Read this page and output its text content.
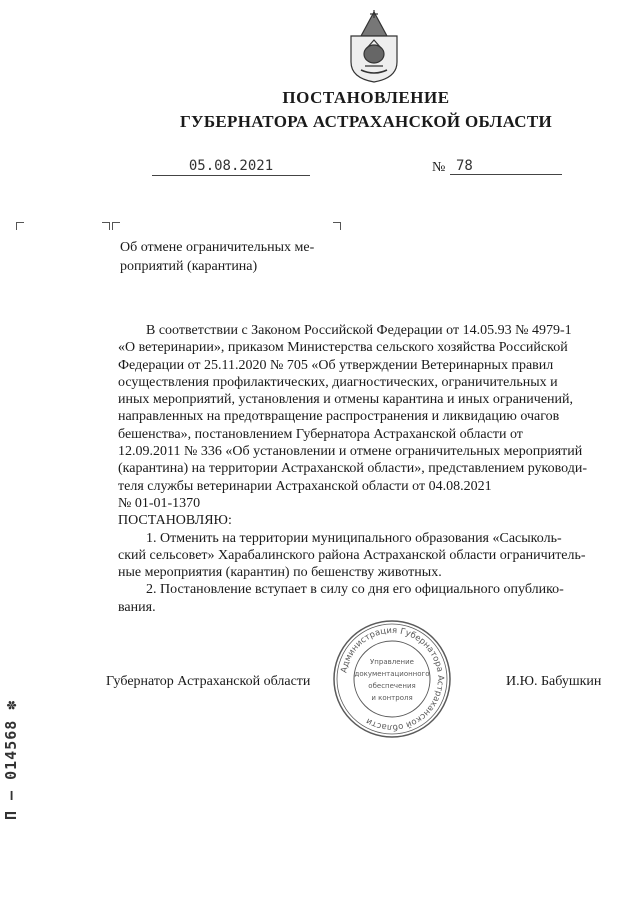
ПОСТАНОВЛЕНИЕ
ГУБЕРНАТОРА АСТРАХАНСКОЙ ОБЛАСТИ
05.08.2021	№ 78
Об отмене ограничительных ме-
роприятий (карантина)
В соответствии с Законом Российской Федерации от 14.05.93 № 4979-1
«О ветеринарии», приказом Министерства сельского хозяйства Российской
Федерации от 25.11.2020 № 705 «Об утверждении Ветеринарных правил
осуществления профилактических, диагностических, ограничительных и
иных мероприятий, установления и отмены карантина и иных ограничений,
направленных на предотвращение распространения и ликвидацию очагов
бешенства», постановлением Губернатора Астраханской области от
12.09.2011 № 336 «Об установлении и отмене ограничительных мероприятий
(карантина) на территории Астраханской области», представлением руководи-
теля службы ветеринарии Астраханской области от 04.08.2021
№ 01-01-1370
ПОСТАНОВЛЯЮ:
1. Отменить на территории муниципального образования «Сасыколь-
ский сельсовет» Харабалинского района Астраханской области ограничитель-
ные мероприятия (карантин) по бешенству животных.
2. Постановление вступает в силу со дня его официального опублико-
вания.
Губернатор Астраханской области	И.Ю. Бабушкин
Администрация Губернатора Астраханской области
Управление
документационного
обеспечения
и контроля
П — 014568 ✽
